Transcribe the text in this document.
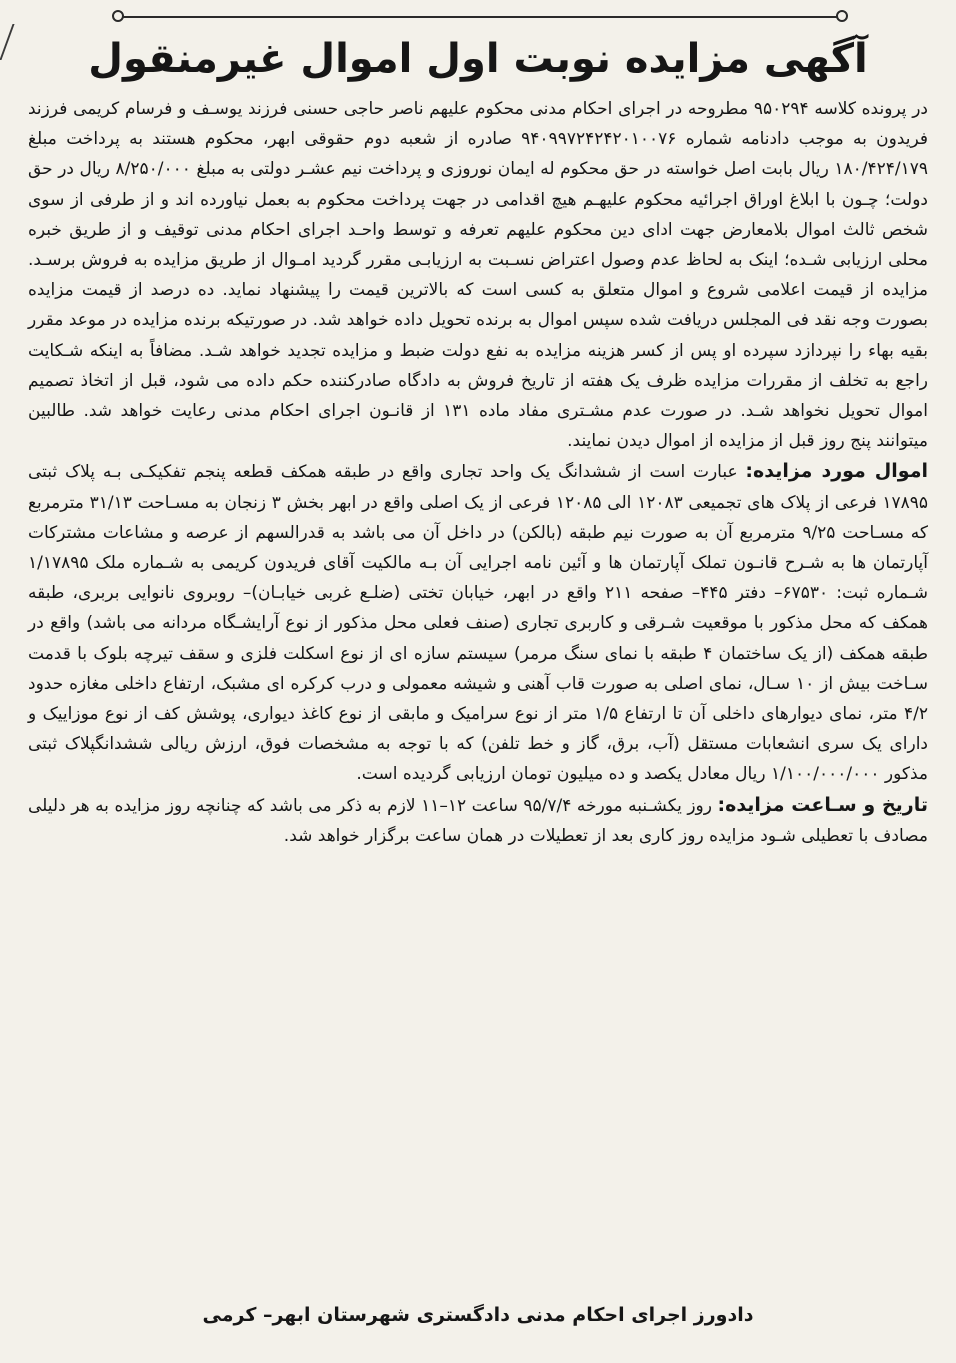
آگهی مزایده نوبت اول اموال غیرمنقول

در پرونده کلاسه ۹۵۰۲۹۴ مطروحه در اجرای احکام مدنی محکوم علیهم ناصر حاجی حسنی فرزند یوسـف و فرسام کریمی فرزند فریدون به موجب دادنامه شماره ۹۴۰۹۹۷۲۴۲۴۲۰۱۰۰۷۶ صادره از شعبه دوم حقوقی ابهر، محکوم هستند به پرداخت مبلغ ۱۸۰/۴۲۴/۱۷۹ ریال بابت اصل خواسته در حق محکوم له ایمان نوروزی و پرداخت نیم عشـر دولتی به مبلغ ۸/۲۵۰/۰۰۰ ریال در حق دولت؛ چـون با ابلاغ اوراق اجرائیه محکوم علیهـم هیچ اقدامی در جهت پرداخت محکوم به بعمل نیاورده اند و از طرفی از سوی شخص ثالث اموال بلامعارض جهت ادای دین محکوم علیهم تعرفه و توسط واحـد اجرای احکام مدنی توقیف و از طریق خبره محلی ارزیابی شـده؛ اینک به لحاظ عدم وصول اعتراض نسـبت به ارزیابـی مقرر گردید امـوال از طریق مزایده به فروش برسـد. مزایده از قیمت اعلامی شروع و اموال متعلق به کسی است که بالاترین قیمت را پیشنهاد نماید. ده درصد از قیمت مزایده بصورت وجه نقد فی المجلس دریافت شده سپس اموال به برنده تحویل داده خواهد شد. در صورتیکه برنده مزایده در موعد مقرر بقیه بهاء را نپردازد سپرده او پس از کسر هزینه مزایده به نفع دولت ضبط و مزایده تجدید خواهد شـد. مضافاً به اینکه شـکایت راجع به تخلف از مقررات مزایده ظرف یک هفته از تاریخ فروش به دادگاه صادرکننده حکم داده می شود، قبل از اتخاذ تصمیم اموال تحویل نخواهد شـد. در صورت عدم مشـتری مفاد ماده ۱۳۱ از قانـون اجرای احکام مدنی رعایت خواهد شد. طالبین میتوانند پنج روز قبل از مزایده از اموال دیدن نمایند.

اموال مورد مزایده: عبارت است از ششدانگ یک واحد تجاری واقع در طبقه همکف قطعه پنجم تفکیکـی بـه پلاک ثبتی ۱۷۸۹۵ فرعی از پلاک های تجمیعی ۱۲۰۸۳ الی ۱۲۰۸۵ فرعی از یک اصلی واقع در ابهر بخش ۳ زنجان به مسـاحت ۳۱/۱۳ مترمربع که مسـاحت ۹/۲۵ مترمربع آن به صورت نیم طبقه (بالکن) در داخل آن می باشد به قدرالسهم از عرصه و مشاعات مشترکات آپارتمان ها به شـرح قانـون تملک آپارتمان ها و آئین نامه اجرایی آن بـه مالکیت آقای فریدون کریمی به شـماره ملک ۱/۱۷۸۹۵ شـماره ثبت: ۶۷۵۳۰– دفتر ۴۴۵– صفحه ۲۱۱ واقع در ابهر، خیابان تختی (ضلـع غربی خیابـان)– روبروی نانوایی بربری، طبقه همکف که محل مذکور با موقعیت شـرقی و کاربری تجاری (صنف فعلی محل مذکور از نوع آرایشـگاه مردانه می باشد) واقع در طبقه همکف (از یک ساختمان ۴ طبقه با نمای سنگ مرمر) سیستم سازه ای از نوع اسکلت فلزی و سقف تیرچه بلوک با قدمت سـاخت بیش از ۱۰ سـال، نمای اصلی به صورت قاب آهنی و شیشه معمولی و درب کرکره ای مشبک، ارتفاع داخلی مغازه حدود ۴/۲ متر، نمای دیوارهای داخلی آن تا ارتفاع ۱/۵ متر از نوع سرامیک و مابقی از نوع کاغذ دیواری، پوشش کف از نوع موزاییک و دارای یک سری انشعابات مستقل (آب، برق، گاز و خط تلفن) که با توجه به مشخصات فوق، ارزش ریالی ششدانگپلاک ثبتی مذکور ۱/۱۰۰/۰۰۰/۰۰۰ ریال معادل یکصد و ده میلیون تومان ارزیابی گردیده است.

تاریخ و سـاعت مزایده: روز یکشـنبه مورخه ۹۵/۷/۴ ساعت ۱۲–۱۱ لازم به ذکر می باشد که چنانچه روز مزایده به هر دلیلی مصادف با تعطیلی شـود مزایده روز کاری بعد از تعطیلات در همان ساعت برگزار خواهد شد.

دادورز اجرای احکام مدنی دادگستری شهرستان ابهر– کرمی
